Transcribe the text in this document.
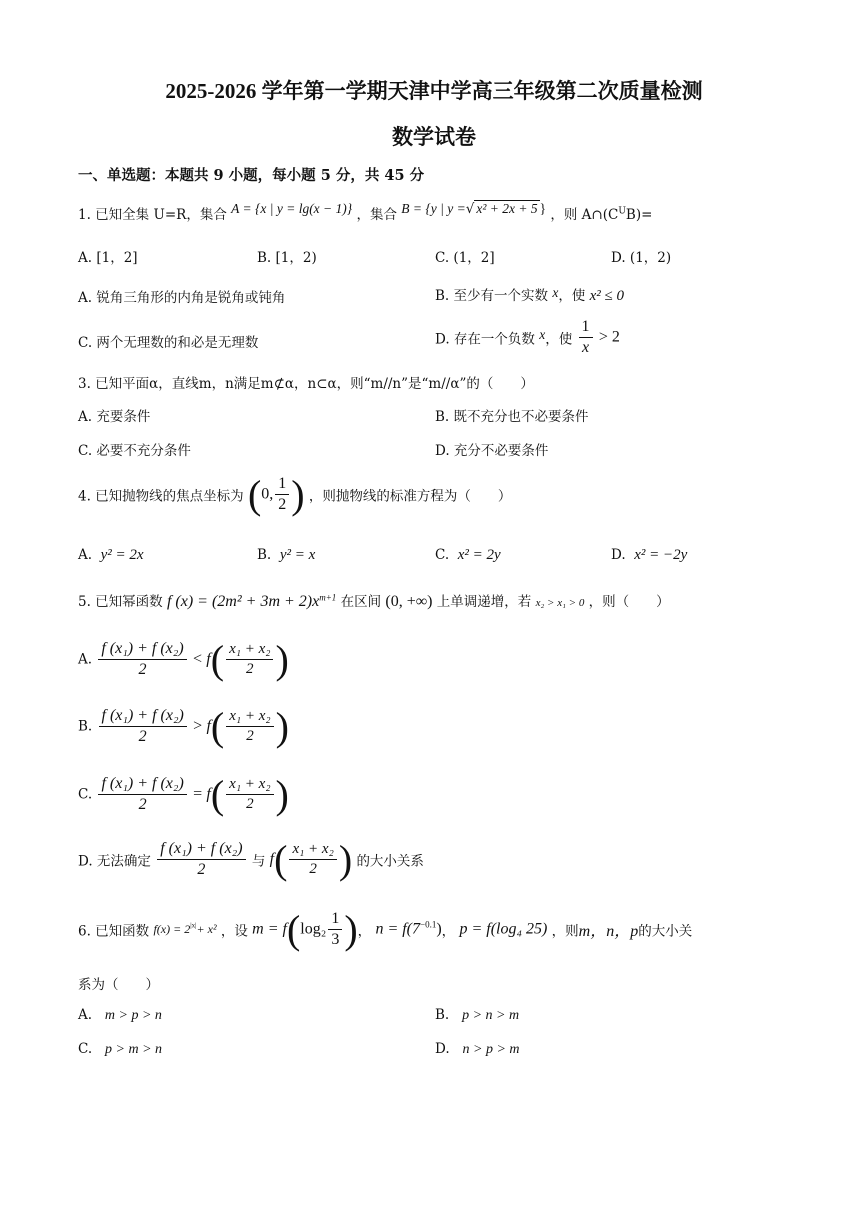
2025-2026 学年第一学期天津中学高三年级第二次质量检测
数学试卷
一、单选题：本题共 9 小题，每小题 5 分，共 45 分
1. 已知全集 U=R，集合 A = {x | y = lg(x − 1)} ，集合 B = {y | y =√ x² + 2x + 5 } ，则 $A\cap(C^UB)=$
A. [1，2]	B. [1，2)	C. (1，2]	D. (1，2)
A. 锐角三角形的内角是锐角或钝角	B. 至少有一个实数 x，使 x² ≤ 0
C. 两个无理数的和必是无理数	D. 存在一个负数 x，使 $\frac{1}{x} > 2$
3. 已知平面α，直线m，n满足m⊄α，n⊂α，则“m//n”是“m//α”的（　　）
A. 充要条件	B. 既不充分也不必要条件
C. 必要不充分条件	D. 充分不必要条件
4. 已知抛物线的焦点坐标为 (0, $\frac{1}{2}$ ) ，则抛物线的标准方程为（　　）
A. y² = 2x	B. y² = x	C. x² = 2y	D. x² = −2y
5. 已知幂函数 f $(x) = (2m^2 + 3m + 2)x^{m+1}$ 在区间 (0, +∞) 上单调递增，若 x₂ > x₁ > 0 ，则（　　）
A. $\frac{\text{f (x₁) + f (x₂)}}{2} < f( \frac{\text{x₁ + x₂}}{2}$ )
B. $\frac{\text{f (x₁) + f (x₂)}}{2} > f( \frac{\text{x₁ + x₂}}{2}$ )
C. $\frac{\text{f (x₁) + f (x₂)}}{2} = f( \frac{\text{x₁ + x₂}}{2}$ )
D. 无法确定 $\frac{\text{f (x₁) + f (x₂)}}{2}$ 与 $f( \frac{\text{x₁ + x₂}}{2}$ ) 的大小关系
6. 已知函数 $f(x) = 2^{|x|}+ x^2$ ，设 $m = f(\log_2 \frac{1}{3}$ )， $n = f(7^{-0.1})$， p = f(log₄ 25) ，则m，n，p的大小关
系为（　　）
A. m > p > n	B. p > n > m
C. p > m > n	D. n > p > m
